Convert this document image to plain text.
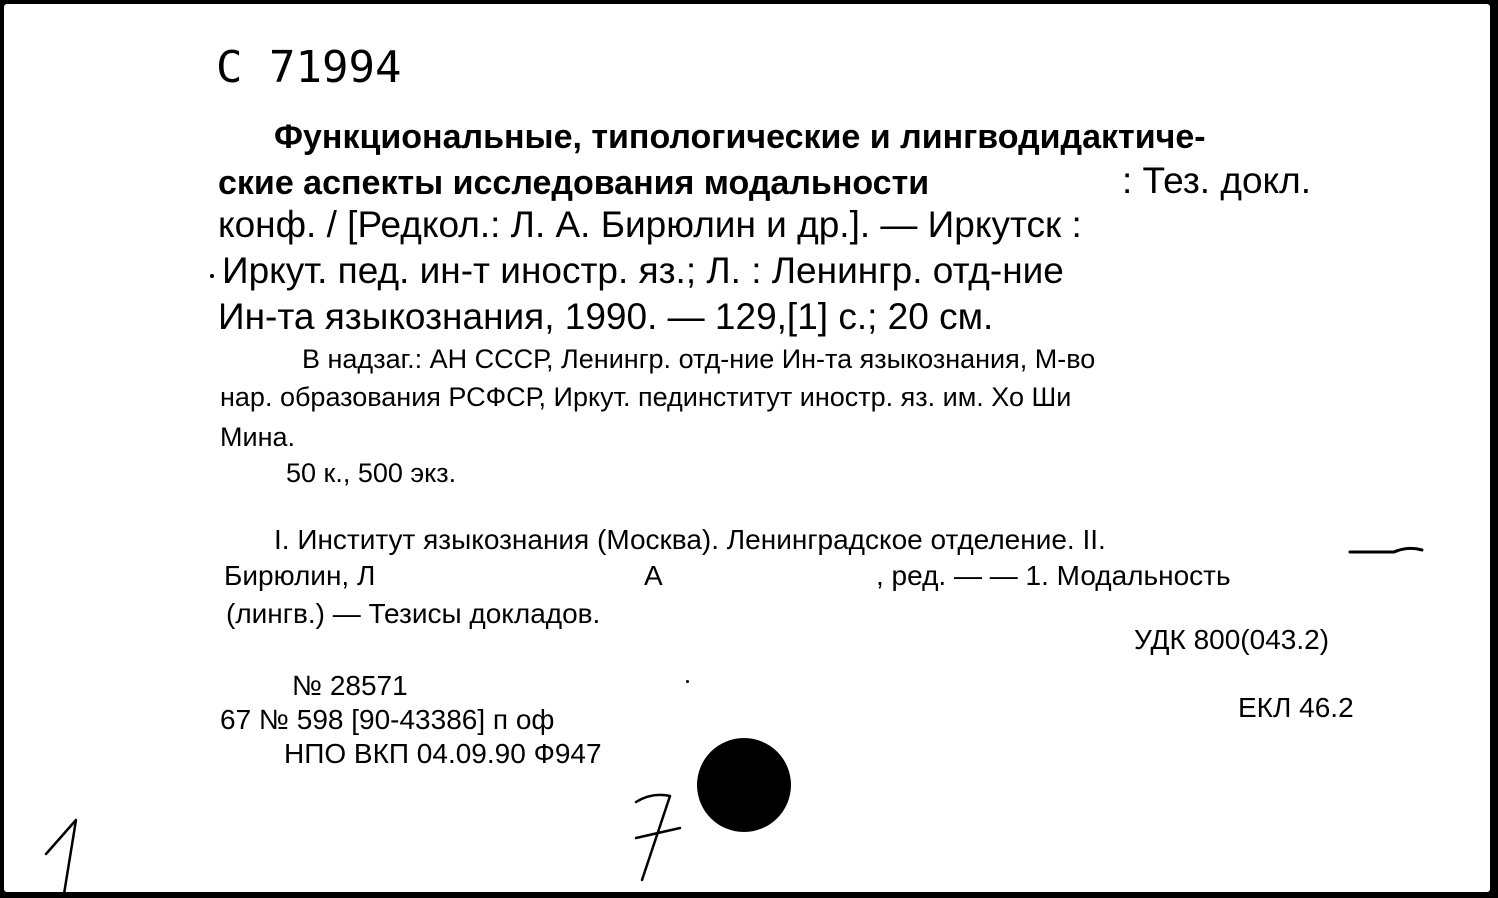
C 71994
Функциональные, типологические и лингводидактиче-
ские аспекты исследования модальности	: Тез. докл.
конф. / [Редкол.: Л. А. Бирюлин и др.]. — Иркутск :
Иркут. пед. ин-т иностр. яз.; Л. : Ленингр. отд-ние
Ин-та языкознания, 1990. — 129,[1] с.; 20 см.
В надзаг.: АН СССР, Ленингр. отд-ние Ин-та языкознания, М-во
нар. образования РСФСР, Иркут. пединститут иностр. яз. им. Хо Ши
Мина.
50 к., 500 экз.
I. Институт языкознания (Москва). Ленинградское отделение. II.
Бирюлин, Л	А	, ред. — — 1. Модальность
(лингв.) — Тезисы докладов.
УДК 800(043.2)
ЕКЛ 46.2
№ 28571
67 № 598 [90-43386] п оф
НПО ВКП 04.09.90 Ф947
